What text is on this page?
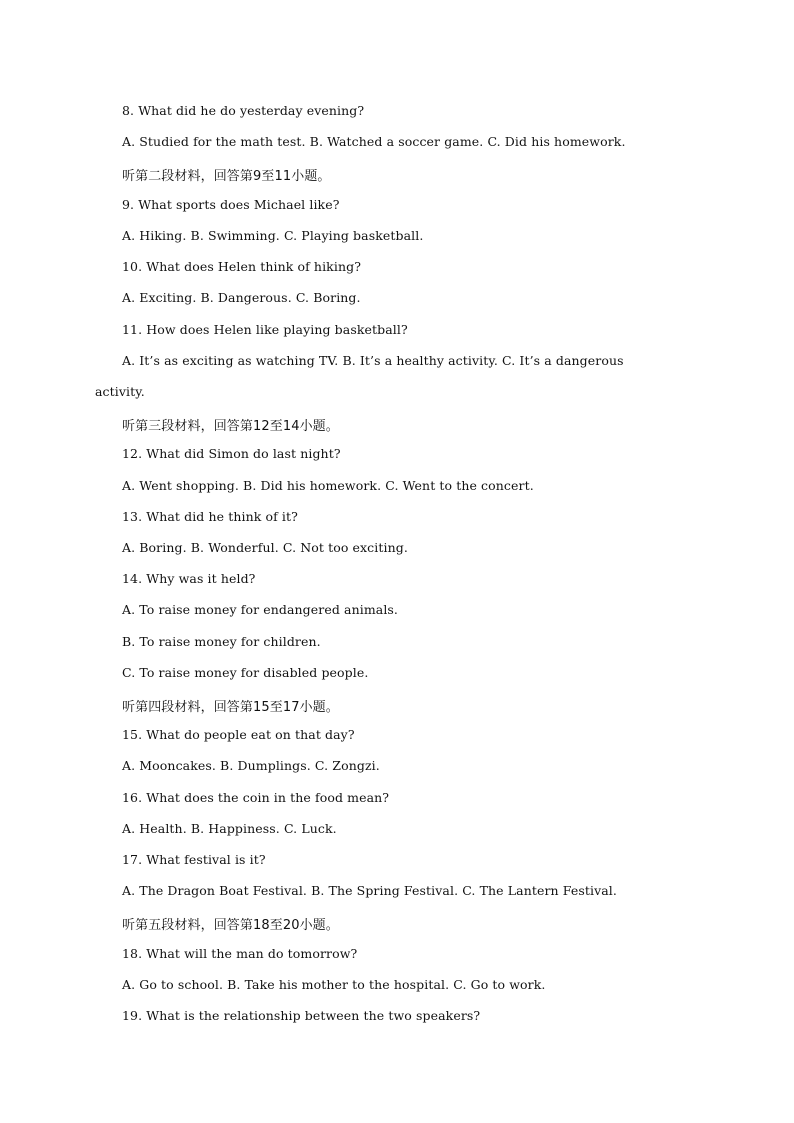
8. What did he do yesterday evening?
A. Studied for the math test. B. Watched a soccer game. C. Did his homework.
听第二段材料，回答第9至11小题。
9. What sports does Michael like?
A. Hiking. B. Swimming. C. Playing basketball.
10. What does Helen think of hiking?
A. Exciting. B. Dangerous. C. Boring.
11. How does Helen like playing basketball?
A. It’s as exciting as watching TV. B. It’s a healthy activity. C. It’s a dangerous
activity.
听第三段材料，回答第12至14小题。
12. What did Simon do last night?
A. Went shopping. B. Did his homework. C. Went to the concert.
13. What did he think of it?
A. Boring. B. Wonderful. C. Not too exciting.
14. Why was it held?
A. To raise money for endangered animals.
B. To raise money for children.
C. To raise money for disabled people.
听第四段材料，回答第15至17小题。
15. What do people eat on that day?
A. Mooncakes. B. Dumplings. C. Zongzi.
16. What does the coin in the food mean?
A. Health. B. Happiness. C. Luck.
17. What festival is it?
A. The Dragon Boat Festival. B. The Spring Festival. C. The Lantern Festival.
听第五段材料，回答第18至20小题。
18. What will the man do tomorrow?
A. Go to school. B. Take his mother to the hospital. C. Go to work.
19. What is the relationship between the two speakers?
